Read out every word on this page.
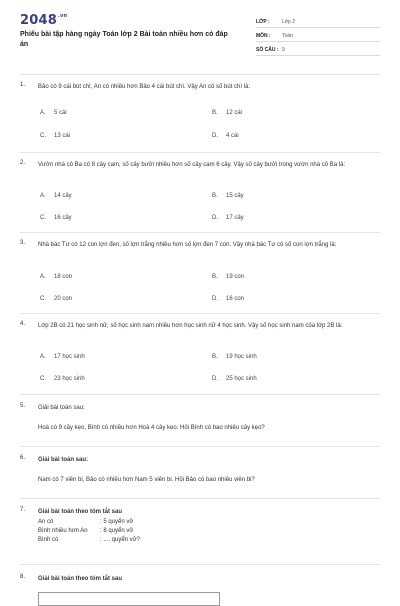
$2048^{.vn}$
Phiếu bài tập hàng ngày Toán lớp 2 Bài toán nhiều hơn có đáp án
LỚP :	Lớp 2
MÔN :	Toán
SỐ CÂU : 9
1. Bảo có 9 cái bút chì, An có nhiều hơn Bảo 4 cái bút chì. Vậy An có số bút chì là:
A. 5 cái	B. 12 cái
C. 13 cái	D. 4 cái
2. Vườn nhà cô Ba có 8 cây cam, số cây bưởi nhiều hơn số cây cam 6 cây. Vậy số cây bưởi trong vườn nhà cô Ba là:
A. 14 cây	B. 15 cây
C. 16 cây	D. 17 cây
3. Nhà bác Tư có 12 con lợn đen, số lợn trắng nhiều hơn số lợn đen 7 con. Vậy nhà bác Tư có số con lợn trắng là:
A. 18 con	B. 19 con
C. 20 con	D. 16 con
4. Lớp 2B có 21 học sinh nữ, số học sinh nam nhiều hơn học sinh nữ 4 học sinh. Vậy số học sinh nam của lớp 2B là:
A. 17 học sinh	B. 19 học sinh
C. 23 học sinh	D. 25 học sinh
5. Giải bài toán sau:
Hoà có 9 cây kẹo, Bình có nhiều hơn Hoà 4 cây kẹo. Hỏi Bình có bao nhiêu cây kẹo?
6. Giải bài toán sau:
Nam có 7 viên bi, Bảo có nhiều hơn Nam 5 viên bi. Hỏi Bảo có bao nhiêu viên bi?
7. Giải bài toán theo tóm tắt sau
An có	: 5 quyển vở
Bình nhiều hơn An : 8 quyển vở
Bình có	: .... quyển vở?
8. Giải bài toán theo tóm tắt sau
